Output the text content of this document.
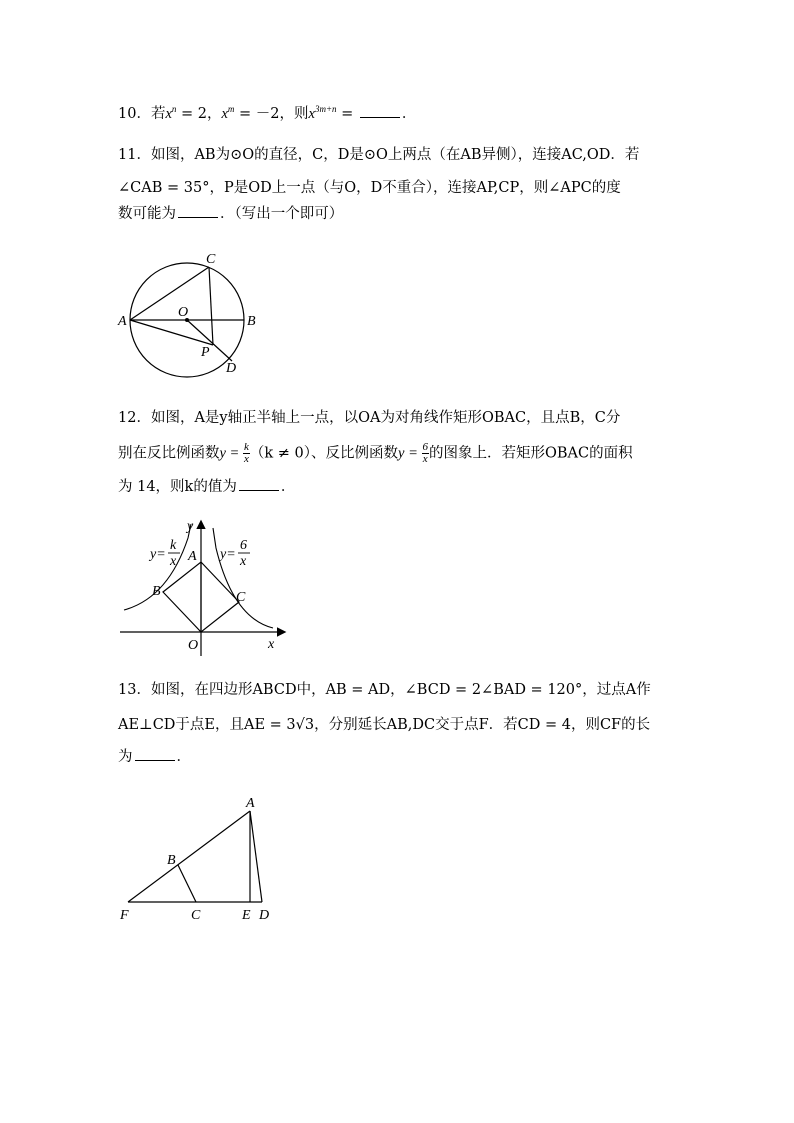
10．若$x^n = 2$，$x^m = -2$，则$x^{3m+n}$ =	．
11．如图，AB为⊙O的直径，C，D是⊙O上两点（在AB异侧），连接AC,OD．若
∠CAB = 35°，P是OD上一点（与O，D不重合），连接AP,CP，则∠APC的度
数可能为	．（写出一个即可）
C
A
O
B
P
D
12．如图，A是y轴正半轴上一点，以OA为对角线作矩形OBAC，且点B，C分
别在反比例函数$y = \frac{k}{x} (k \ne 0)$、反比例函数$y = \frac{6}{x}$ 的图象上．若矩形OBAC的面积
为 14，则k的值为	．
y
x
O
A
B	C
y=
k
x	y=
6
x
13．如图，在四边形ABCD中，AB = AD，∠BCD = 2∠BAD = 120°，过点A作
AE⊥CD于点E，且AE = 3√3，分别延长AB,DC交于点F．若CD = 4，则CF的长
为	．
A
B
F	C	E D
